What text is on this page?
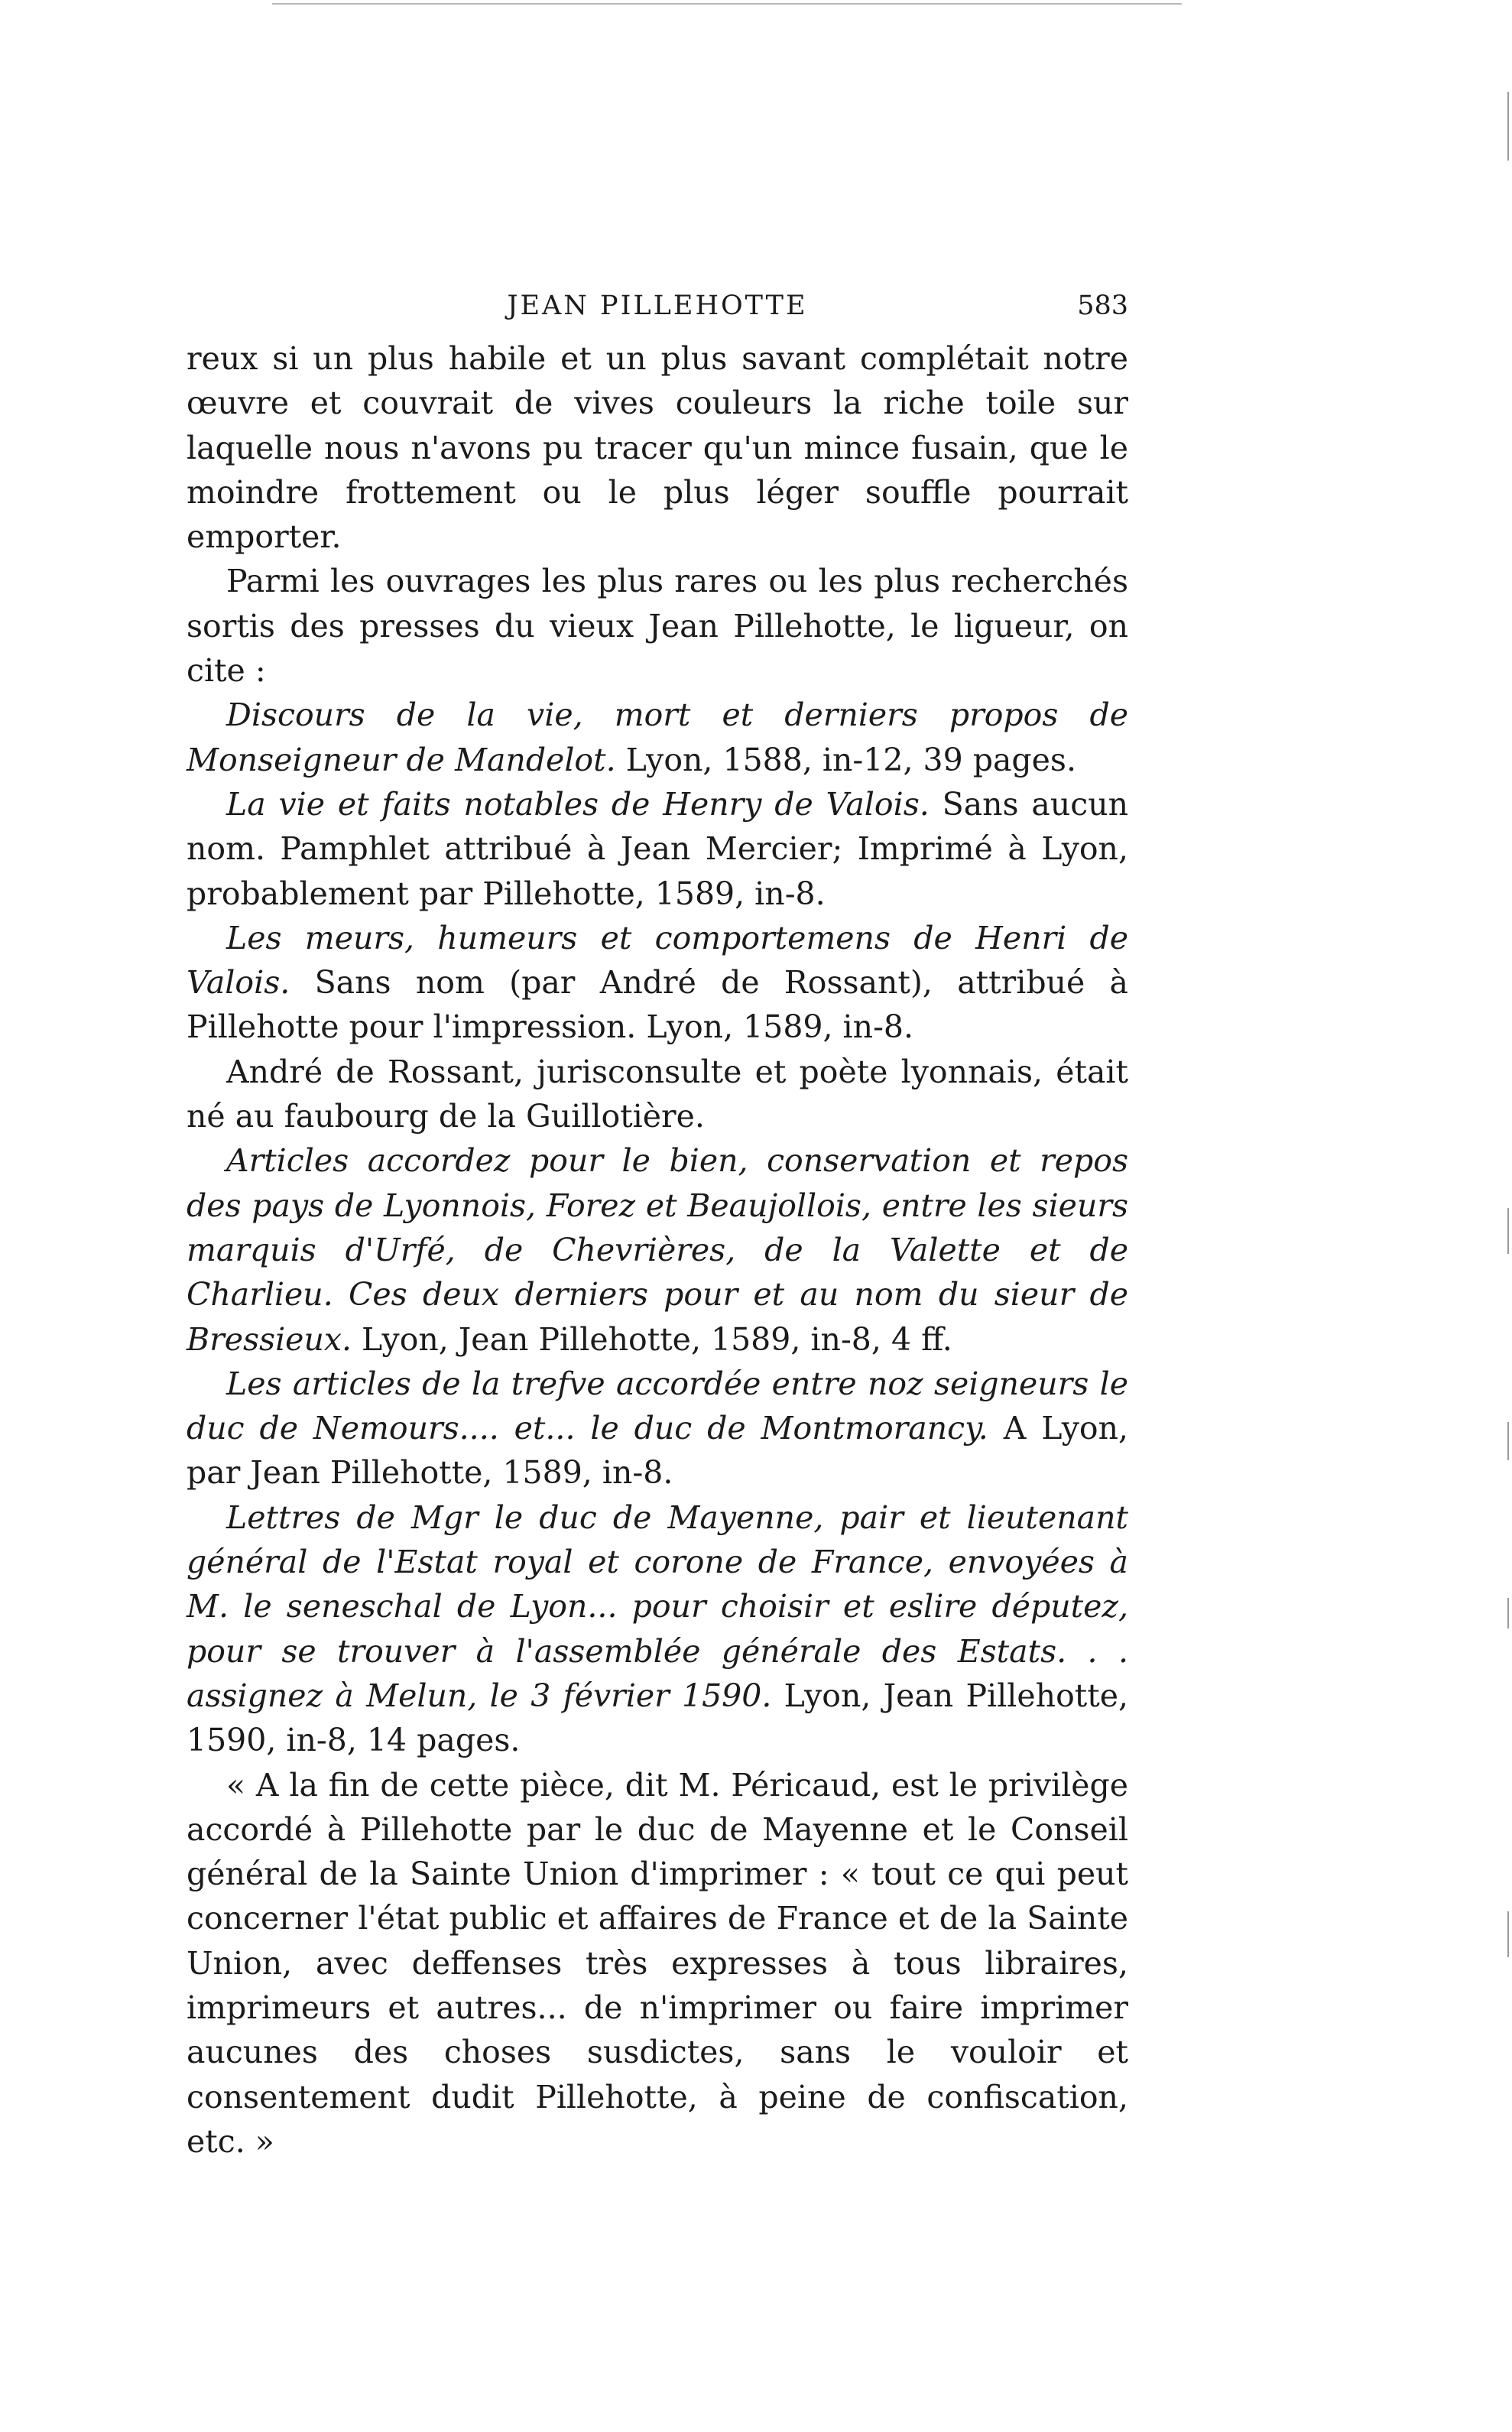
JEAN PILLEHOTTE	583

reux si un plus habile et un plus savant complétait notre œuvre et couvrait de vives couleurs la riche toile sur laquelle nous n'avons pu tracer qu'un mince fusain, que le moindre frottement ou le plus léger souffle pourrait emporter.

Parmi les ouvrages les plus rares ou les plus recherchés sortis des presses du vieux Jean Pillehotte, le ligueur, on cite :

Discours de la vie, mort et derniers propos de Monseigneur de Mandelot. Lyon, 1588, in-12, 39 pages.

La vie et faits notables de Henry de Valois. Sans aucun nom. Pamphlet attribué à Jean Mercier; Imprimé à Lyon, probablement par Pillehotte, 1589, in-8.

Les meurs, humeurs et comportemens de Henri de Valois. Sans nom (par André de Rossant), attribué à Pillehotte pour l'impression. Lyon, 1589, in-8.

André de Rossant, jurisconsulte et poète lyonnais, était né au faubourg de la Guillotière.

Articles accordez pour le bien, conservation et repos des pays de Lyonnois, Forez et Beaujollois, entre les sieurs marquis d'Urfé, de Chevrières, de la Valette et de Charlieu. Ces deux derniers pour et au nom du sieur de Bressieux. Lyon, Jean Pillehotte, 1589, in-8, 4 ff.

Les articles de la trefve accordée entre noz seigneurs le duc de Nemours.... et... le duc de Montmorancy. A Lyon, par Jean Pillehotte, 1589, in-8.

Lettres de Mgr le duc de Mayenne, pair et lieutenant général de l'Estat royal et corone de France, envoyées à M. le seneschal de Lyon... pour choisir et eslire députez, pour se trouver à l'assemblée générale des Estats. . . assignez à Melun, le 3 février 1590. Lyon, Jean Pillehotte, 1590, in-8, 14 pages.

« A la fin de cette pièce, dit M. Péricaud, est le privilège accordé à Pillehotte par le duc de Mayenne et le Conseil général de la Sainte Union d'imprimer : « tout ce qui peut concerner l'état public et affaires de France et de la Sainte Union, avec deffenses très expresses à tous libraires, imprimeurs et autres... de n'imprimer ou faire imprimer aucunes des choses susdictes, sans le vouloir et consentement dudit Pillehotte, à peine de confiscation, etc. »
